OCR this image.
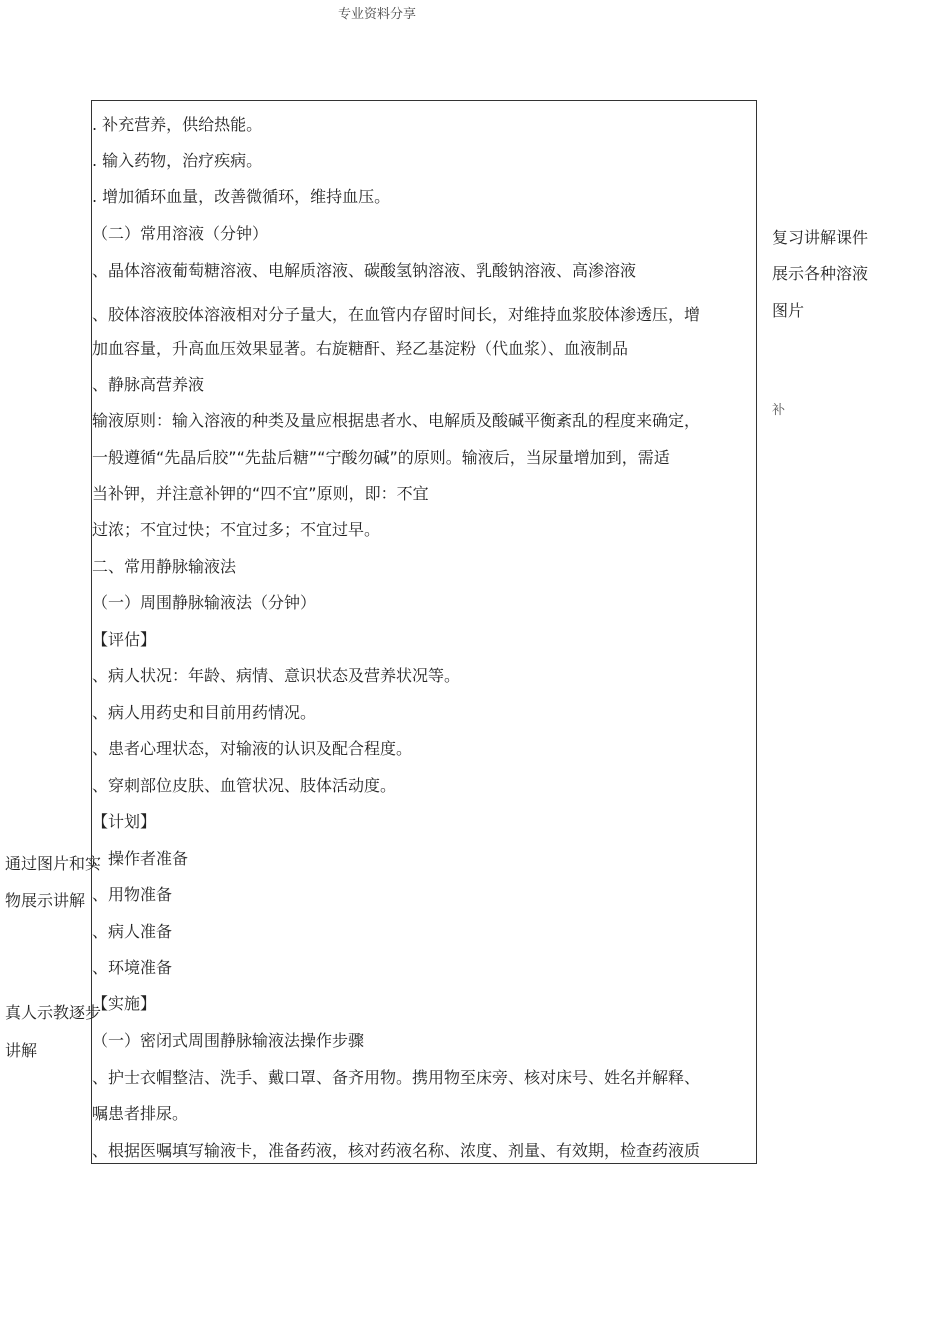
专业资料分享
. 补充营养，供给热能。
. 输入药物，治疗疾病。
. 增加循环血量，改善微循环，维持血压。
（二）常用溶液（分钟）
、晶体溶液葡萄糖溶液、电解质溶液、碳酸氢钠溶液、乳酸钠溶液、高渗溶液
、胶体溶液胶体溶液相对分子量大，在血管内存留时间长，对维持血浆胶体渗透压，增
加血容量，升高血压效果显著。右旋糖酐、羟乙基淀粉（代血浆）、血液制品
、静脉高营养液
输液原则：输入溶液的种类及量应根据患者水、电解质及酸碱平衡紊乱的程度来确定，
一般遵循“先晶后胶”“先盐后糖”“宁酸勿碱”的原则。输液后，当尿量增加到，需适
当补钾，并注意补钾的“四不宜”原则，即：不宜
过浓；不宜过快；不宜过多；不宜过早。
二、常用静脉输液法
（一）周围静脉输液法（分钟）
【评估】
、病人状况：年龄、病情、意识状态及营养状况等。
、病人用药史和目前用药情况。
、患者心理状态，对输液的认识及配合程度。
、穿刺部位皮肤、血管状况、肢体活动度。
【计划】
、操作者准备
、用物准备
、病人准备
、环境准备
【实施】
（一）密闭式周围静脉输液法操作步骤
、护士衣帽整洁、洗手、戴口罩、备齐用物。携用物至床旁、核对床号、姓名并解释、
嘱患者排尿。
、根据医嘱填写输液卡，准备药液，核对药液名称、浓度、剂量、有效期，检查药液质
复习讲解课件
展示各种溶液
图片
补
通过图片和实
物展示讲解
真人示教逐步
讲解
